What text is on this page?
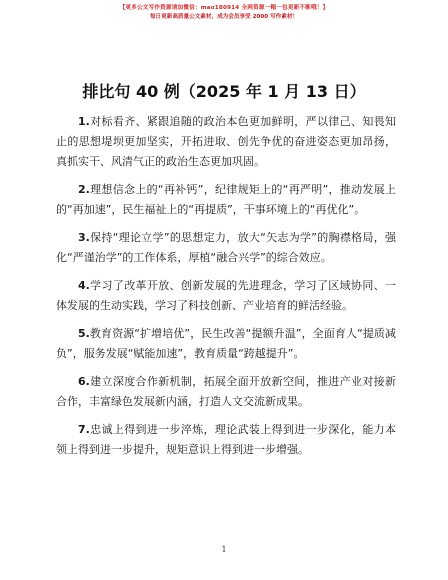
【更多公文写作资源请加微信：mao180914 全网资源一帽一包更新不断哦！】
每日更新高质量公文素材，成为会员享受 2000 写作素材！
排比句 40 例（2025 年 1 月 13 日）

1.对标看齐、紧跟追随的政治本色更加鲜明，严以律己、知畏知止的思想堤坝更加坚实，开拓进取、创先争优的奋进姿态更加昂扬，真抓实干、风清气正的政治生态更加巩固。

2.理想信念上的“再补钙”，纪律规矩上的“再严明”，推动发展上的“再加速”，民生福祉上的“再提质”，干事环境上的“再优化”。

3.保持“理论立学”的思想定力，放大“矢志为学”的胸襟格局，强化“严谨治学”的工作体系，厚植“融合兴学”的综合效应。

4.学习了改革开放、创新发展的先进理念，学习了区域协同、一体发展的生动实践，学习了科技创新、产业培育的鲜活经验。

5.教育资源“扩增培优”，民生改善“提额升温”，全面育人“提质减负”，服务发展“赋能加速”，教育质量“跨越提升”。

6.建立深度合作新机制，拓展全面开放新空间，推进产业对接新合作，丰富绿色发展新内涵，打造人文交流新成果。

7.忠诚上得到进一步淬炼，理论武装上得到进一步深化，能力本领上得到进一步提升，规矩意识上得到进一步增强。

1
